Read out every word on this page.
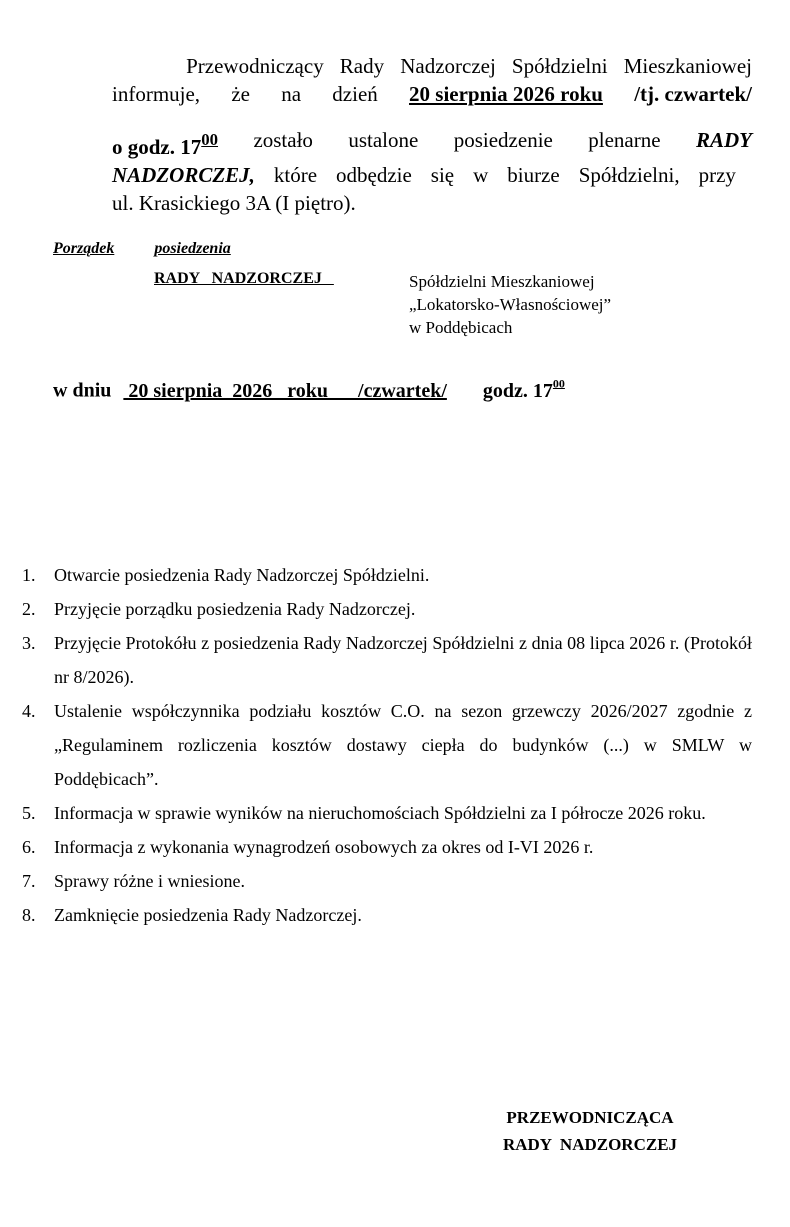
Przewodniczący Rady Nadzorczej Spółdzielni Mieszkaniowej
informuje, że na dzień 20 sierpnia 2026 roku /tj. czwartek/
o godz. $17^{00}$ zostało ustalone posiedzenie plenarne RADY
NADZORCZEJ, które odbędzie się w biurze Spółdzielni, przy
ul. Krasickiego 3A (I piętro).
Porządek	posiedzenia
RADY   NADZORCZEJ	Spółdzielni Mieszkaniowej
„Lokatorsko-Własnościowej”
w Poddębicach
w dniu 20 sierpnia  2026   roku      /czwartek/ godz. $17^{00}$
1.	Otwarcie posiedzenia Rady Nadzorczej Spółdzielni.
2.	Przyjęcie porządku posiedzenia Rady Nadzorczej.
3.	Przyjęcie Protokółu z posiedzenia Rady Nadzorczej Spółdzielni z dnia 08 lipca 2026 r. (Protokół nr 8/2026).
4.	Ustalenie współczynnika podziału kosztów C.O. na sezon grzewczy 2026/2027 zgodnie z „Regulaminem rozliczenia kosztów dostawy ciepła do budynków (...) w SMLW w Poddębicach”.
5.	Informacja w sprawie wyników na nieruchomościach Spółdzielni za I półrocze 2026 roku.
6.	Informacja z wykonania wynagrodzeń osobowych za okres od I-VI 2026 r.
7.	Sprawy różne i wniesione.
8.	Zamknięcie posiedzenia Rady Nadzorczej.
PRZEWODNICZĄCA
RADY  NADZORCZEJ
